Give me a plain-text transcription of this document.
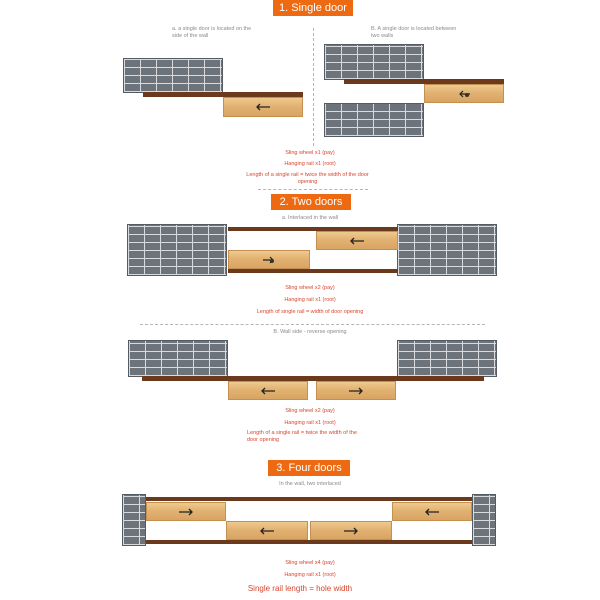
1. Single door
a. a single door is located on the side of the wall
B. A single door is located between two walls
Sling wheel x1 (pay)
Hanging rail x1 (root)
Length of a single rail = twice the width of the door opening
2. Two doors
a. Interlaced in the wall
Sling wheel x2 (pay)
Hanging rail x1 (root)
Length of single rail = width of door opening
B. Wall side - reverse opening
Sling wheel x2 (pay)
Hanging rail x1 (root)
Length of a single rail = twice the width of the door opening
3. Four doors
In the wall, two interlaced
Sling wheel x4 (pay)
Hanging rail x1 (root)
Single rail length = hole width
